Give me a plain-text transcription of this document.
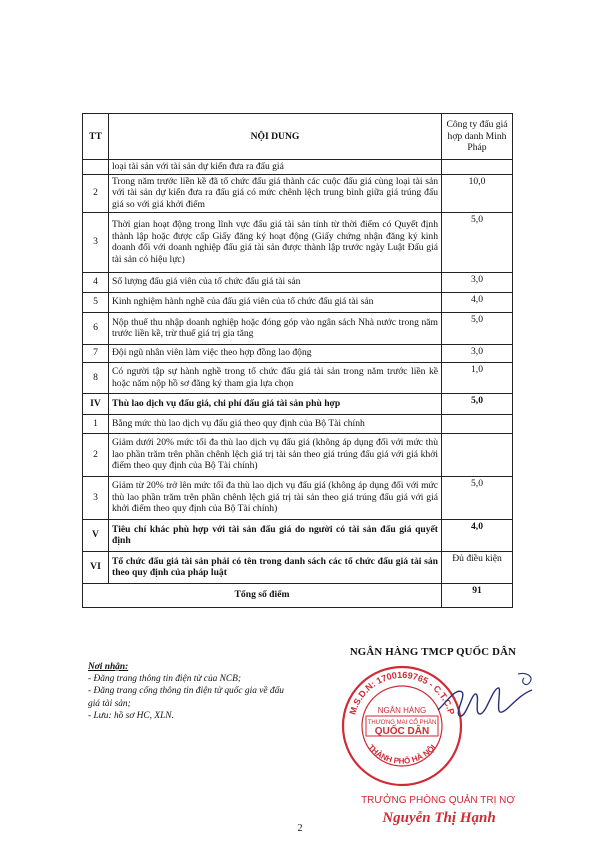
TT	NỘI DUNG	Công ty đấu giá hợp danh Minh Pháp
	loại tài sản với tài sản dự kiến đưa ra đấu giá	
2	Trong năm trước liền kề đã tổ chức đấu giá thành các cuộc đấu giá cùng loại tài sản với tài sản dự kiến đưa ra đấu giá có mức chênh lệch trung bình giữa giá trúng đấu giá so với giá khởi điểm	10,0
3	Thời gian hoạt động trong lĩnh vực đấu giá tài sản tính từ thời điểm có Quyết định thành lập hoặc được cấp Giấy đăng ký hoạt động (Giấy chứng nhận đăng ký kinh doanh đối với doanh nghiệp đấu giá tài sản được thành lập trước ngày Luật Đấu giá tài sản có hiệu lực)	5,0
4	Số lượng đấu giá viên của tổ chức đấu giá tài sản	3,0
5	Kinh nghiệm hành nghề của đấu giá viên của tổ chức đấu giá tài sản	4,0
6	Nộp thuế thu nhập doanh nghiệp hoặc đóng góp vào ngân sách Nhà nước trong năm trước liền kề, trừ thuế giá trị gia tăng	5,0
7	Đội ngũ nhân viên làm việc theo hợp đồng lao động	3,0
8	Có người tập sự hành nghề trong tổ chức đấu giá tài sản trong năm trước liền kề hoặc năm nộp hồ sơ đăng ký tham gia lựa chọn	1,0
IV	Thù lao dịch vụ đấu giá, chi phí đấu giá tài sản phù hợp	5,0
1	Bằng mức thù lao dịch vụ đấu giá theo quy định của Bộ Tài chính	
2	Giảm dưới 20% mức tối đa thù lao dịch vụ đấu giá (không áp dụng đối với mức thù lao phần trăm trên phần chênh lệch giá trị tài sản theo giá trúng đấu giá với giá khởi điểm theo quy định của Bộ Tài chính)	
3	Giảm từ 20% trở lên mức tối đa thù lao dịch vụ đấu giá (không áp dụng đối với mức thù lao phần trăm trên phần chênh lệch giá trị tài sản theo giá trúng đấu giá với giá khởi điểm theo quy định của Bộ Tài chính)	5,0
V	Tiêu chí khác phù hợp với tài sản đấu giá do người có tài sản đấu giá quyết định	4,0
VI	Tổ chức đấu giá tài sản phải có tên trong danh sách các tổ chức đấu giá tài sản theo quy định của pháp luật	Đủ điều kiện
Tổng số điểm		91
Nơi nhận:
- Đăng trang thông tin điện tử của NCB;
- Đăng trang cổng thông tin điện tử quốc gia về đấu giá tài sản;
- Lưu: hồ sơ HC, XLN.
NGÂN HÀNG TMCP QUỐC DÂN
M.S.D.N: 1700169765 - C.T.C.P
THÀNH PHỐ HÀ NỘI
NGÂN HÀNG
THƯƠNG MẠI CỔ PHẦN
QUỐC DÂN
TRƯỞNG PHÒNG QUẢN TRỊ NỢ
Nguyễn Thị Hạnh
2
